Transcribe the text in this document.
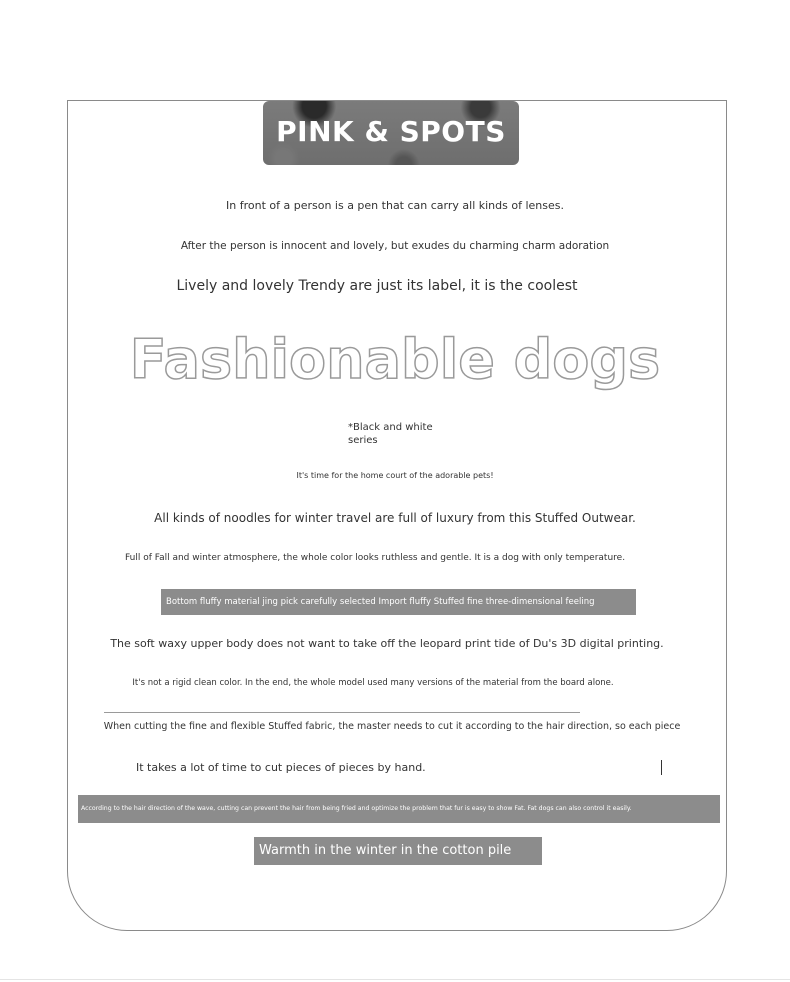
PINK & SPOTS
In front of a person is a pen that can carry all kinds of lenses.
After the person is innocent and lovely, but exudes du charming charm adoration
Lively and lovely Trendy are just its label, it is the coolest
Fashionable dogs
*Black and white series
It's time for the home court of the adorable pets!
All kinds of noodles for winter travel are full of luxury from this Stuffed Outwear.
Full of Fall and winter atmosphere, the whole color looks ruthless and gentle. It is a dog with only temperature.
Bottom fluffy material jing pick carefully selected Import fluffy Stuffed fine three-dimensional feeling
The soft waxy upper body does not want to take off the leopard print tide of Du's 3D digital printing.
It's not a rigid clean color. In the end, the whole model used many versions of the material from the board alone.
When cutting the fine and flexible Stuffed fabric, the master needs to cut it according to the hair direction, so each piece
It takes a lot of time to cut pieces of pieces by hand.
According to the hair direction of the wave, cutting can prevent the hair from being fried and optimize the problem that fur is easy to show Fat. Fat dogs can also control it easily.
Warmth in the winter in the cotton pile
